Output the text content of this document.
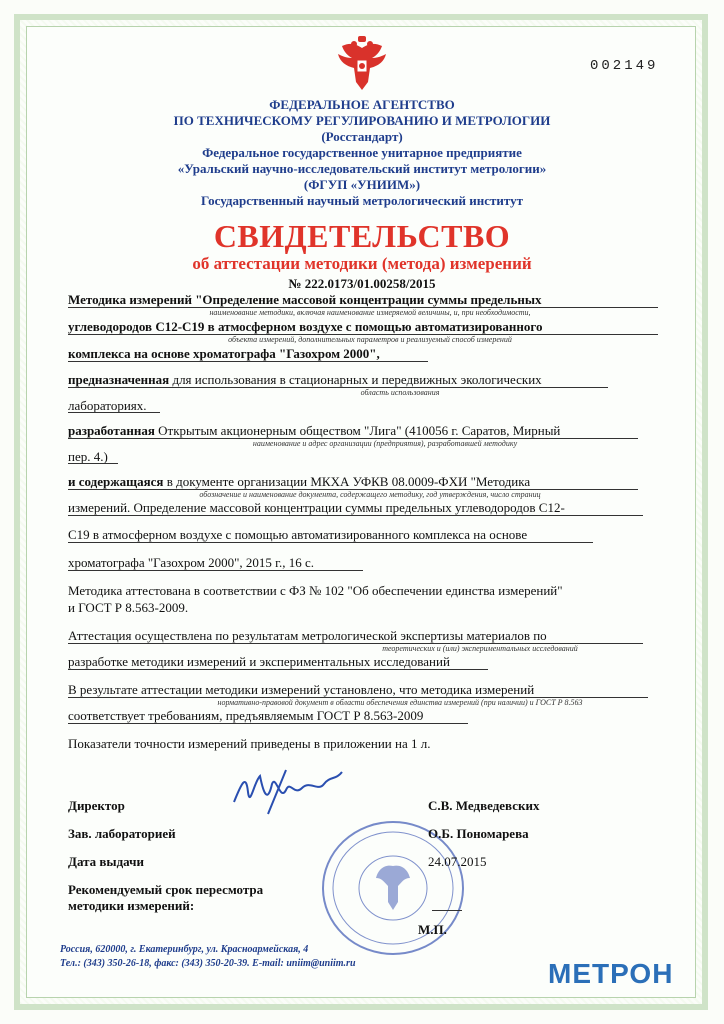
002149
ФЕДЕРАЛЬНОЕ АГЕНТСТВО
ПО ТЕХНИЧЕСКОМУ РЕГУЛИРОВАНИЮ И МЕТРОЛОГИИ
(Росстандарт)
Федеральное государственное унитарное предприятие
«Уральский научно-исследовательский институт метрологии»
(ФГУП «УНИИМ»)
Государственный научный метрологический институт
СВИДЕТЕЛЬСТВО
об аттестации методики (метода) измерений
№ 222.0173/01.00258/2015
Методика измерений "Определение массовой концентрации суммы предельных
наименование методики, включая наименование измеряемой величины, и, при необходимости,
углеводородов С12-С19 в атмосферном воздухе с помощью автоматизированного
объекта измерений, дополнительных параметров и реализуемый способ измерений
комплекса на основе хроматографа "Газохром 2000",
предназначенная для использования в стационарных и передвижных экологических
область использования
лабораториях.
разработанная Открытым акционерным обществом "Лига" (410056 г. Саратов, Мирный
наименование и адрес организации (предприятия), разработавшей методику
пер. 4.)
и содержащаяся в документе организации МКХА УФКВ 08.0009-ФХИ "Методика
обозначение и наименование документа, содержащего методику, год утверждения, число страниц
измерений. Определение массовой концентрации суммы предельных углеводородов С12-
С19 в атмосферном воздухе с помощью автоматизированного комплекса на основе
хроматографа "Газохром 2000", 2015 г., 16 с.
Методика аттестована в соответствии с ФЗ № 102 "Об обеспечении единства измерений"
и ГОСТ Р 8.563-2009.
Аттестация осуществлена по результатам метрологической экспертизы материалов по
теоретических и (или) экспериментальных исследований
разработке методики измерений и экспериментальных исследований
В результате аттестации методики измерений установлено, что методика измерений
нормативно-правовой документ в области обеспечения единства измерений (при наличии) и ГОСТ Р 8.563
соответствует требованиям, предъявляемым ГОСТ Р 8.563-2009
Показатели точности измерений приведены в приложении на 1 л.
Директор	С.В. Медведевских
Зав. лабораторией	О.Б. Пономарева
Дата выдачи	24.07.2015
Рекомендуемый срок пересмотра
методики измерений:
М.П.
Россия, 620000, г. Екатеринбург, ул. Красноармейская, 4
Тел.: (343) 350-26-18, факс: (343) 350-20-39. E-mail: uniim@uniim.ru	МЕТРОН
